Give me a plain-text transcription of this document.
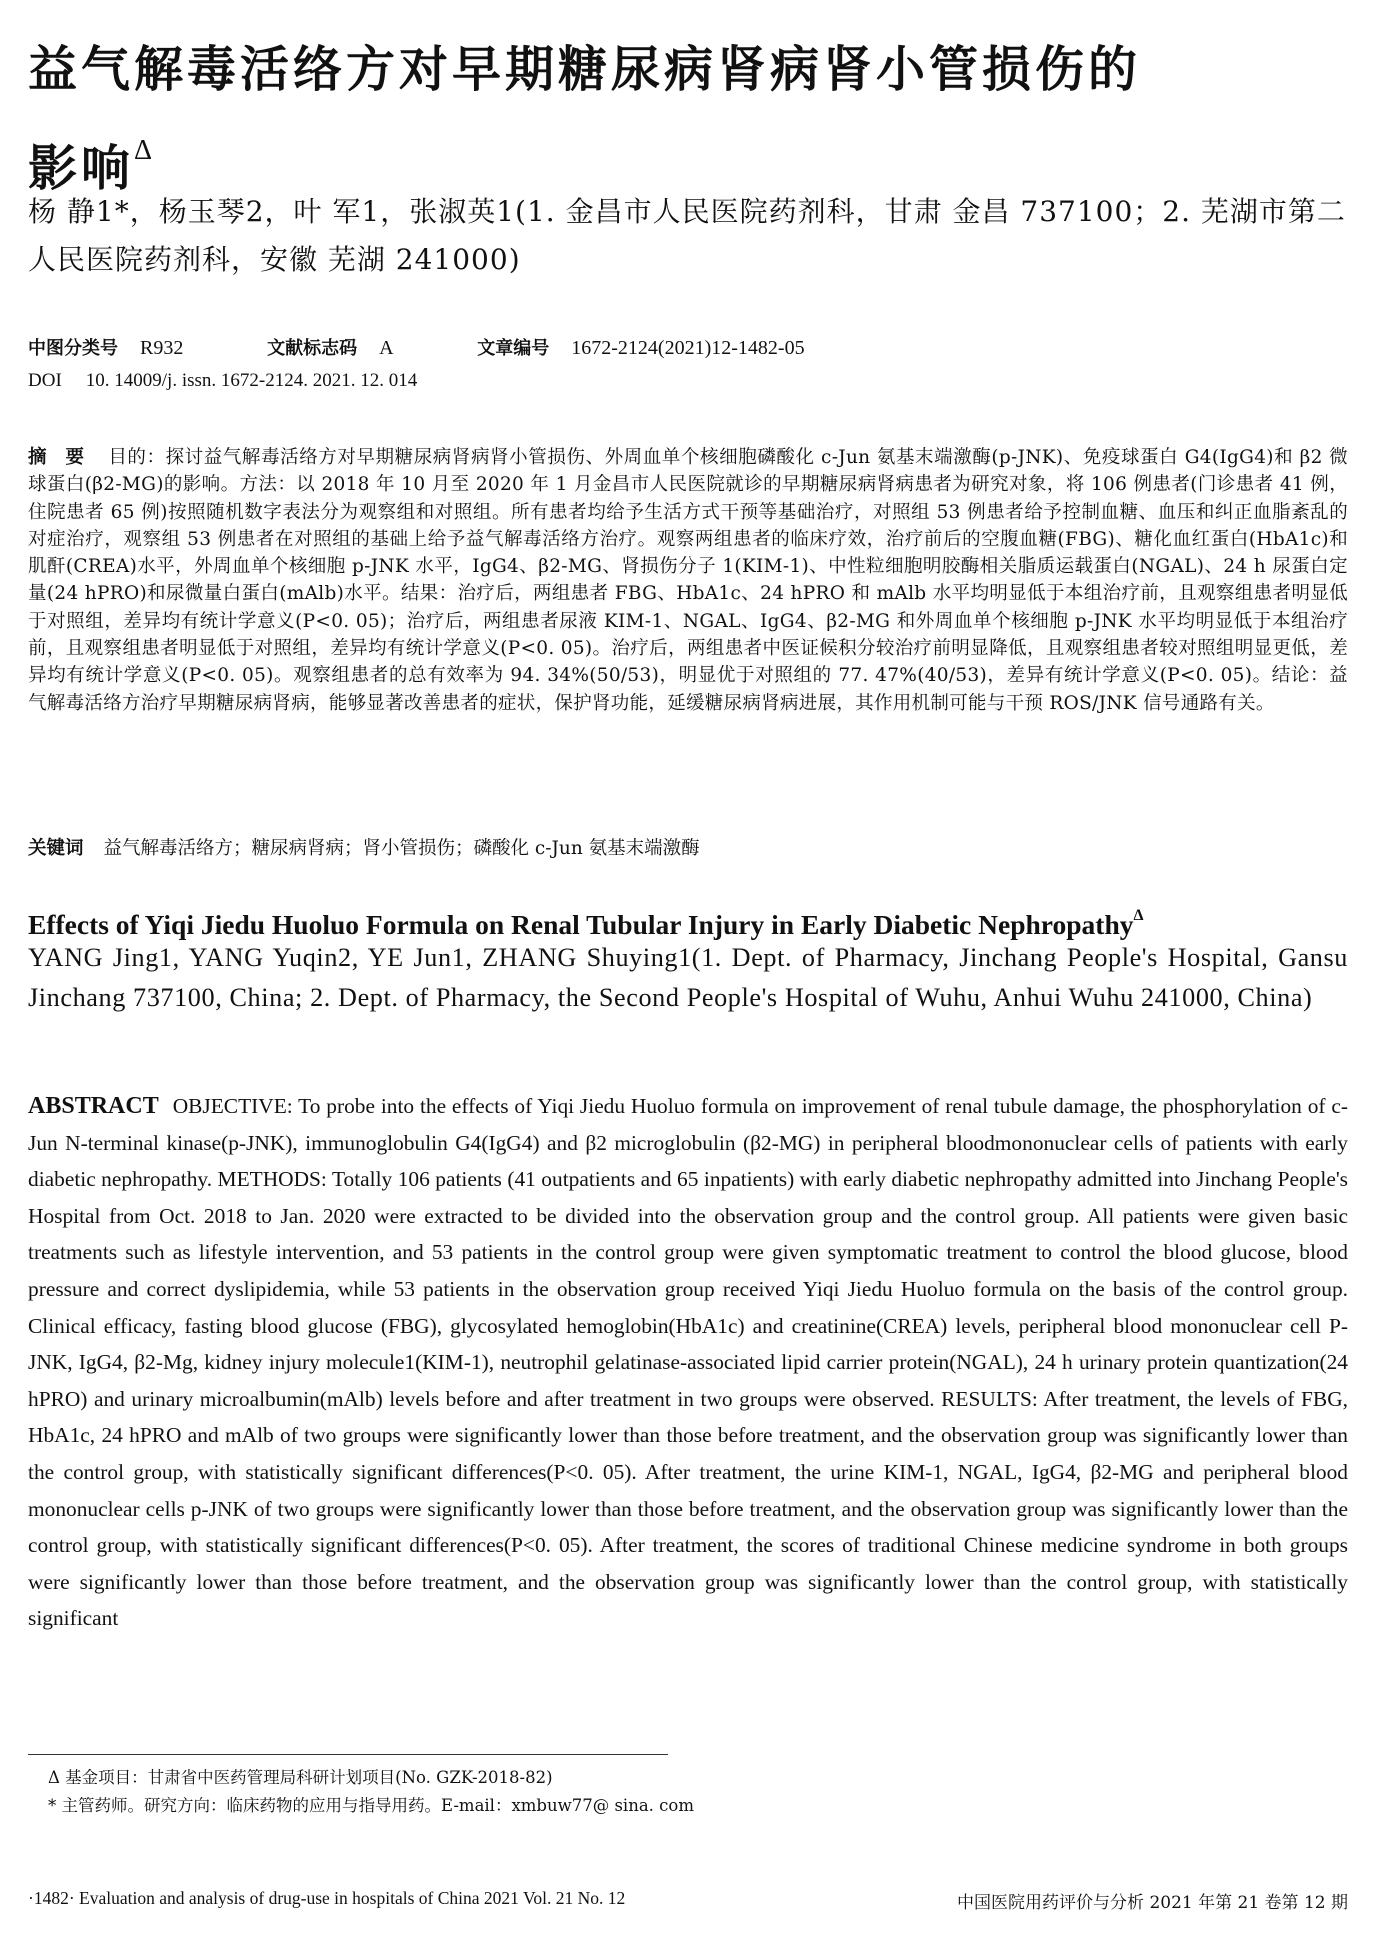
益气解毒活络方对早期糖尿病肾病肾小管损伤的
影响$^\Delta$
杨 静1*，杨玉琴2，叶 军1，张淑英1(1. 金昌市人民医院药剂科，甘肃 金昌 737100；2. 芜湖市第二人民医院药剂科，安徽 芜湖 241000)
中图分类号 R932	文献标志码 A	文章编号 1672-2124(2021)12-1482-05
DOI 10. 14009/j. issn. 1672-2124. 2021. 12. 014
摘 要 目的：探讨益气解毒活络方对早期糖尿病肾病肾小管损伤、外周血单个核细胞磷酸化 c-Jun 氨基末端激酶(p-JNK)、免疫球蛋白 G4(IgG4)和 β2 微球蛋白(β2-MG)的影响。方法：以 2018 年 10 月至 2020 年 1 月金昌市人民医院就诊的早期糖尿病肾病患者为研究对象，将 106 例患者(门诊患者 41 例，住院患者 65 例)按照随机数字表法分为观察组和对照组。所有患者均给予生活方式干预等基础治疗，对照组 53 例患者给予控制血糖、血压和纠正血脂紊乱的对症治疗，观察组 53 例患者在对照组的基础上给予益气解毒活络方治疗。观察两组患者的临床疗效，治疗前后的空腹血糖(FBG)、糖化血红蛋白(HbA1c)和肌酐(CREA)水平，外周血单个核细胞 p-JNK 水平，IgG4、β2-MG、肾损伤分子 1(KIM-1)、中性粒细胞明胶酶相关脂质运载蛋白(NGAL)、24 h 尿蛋白定量(24 hPRO)和尿微量白蛋白(mAlb)水平。结果：治疗后，两组患者 FBG、HbA1c、24 hPRO 和 mAlb 水平均明显低于本组治疗前，且观察组患者明显低于对照组，差异均有统计学意义(P<0. 05)；治疗后，两组患者尿液 KIM-1、NGAL、IgG4、β2-MG 和外周血单个核细胞 p-JNK 水平均明显低于本组治疗前，且观察组患者明显低于对照组，差异均有统计学意义(P<0. 05)。治疗后，两组患者中医证候积分较治疗前明显降低，且观察组患者较对照组明显更低，差异均有统计学意义(P<0. 05)。观察组患者的总有效率为 94. 34%(50/53)，明显优于对照组的 77. 47%(40/53)，差异有统计学意义(P<0. 05)。结论：益气解毒活络方治疗早期糖尿病肾病，能够显著改善患者的症状，保护肾功能，延缓糖尿病肾病进展，其作用机制可能与干预 ROS/JNK 信号通路有关。
关键词 益气解毒活络方；糖尿病肾病；肾小管损伤；磷酸化 c-Jun 氨基末端激酶
Effects of Yiqi Jiedu Huoluo Formula on Renal Tubular Injury in Early Diabetic Nephropathy$^\Delta$
YANG Jing1, YANG Yuqin2, YE Jun1, ZHANG Shuying1(1. Dept. of Pharmacy, Jinchang People's Hospital, Gansu Jinchang 737100, China; 2. Dept. of Pharmacy, the Second People's Hospital of Wuhu, Anhui Wuhu 241000, China)
ABSTRACT OBJECTIVE: To probe into the effects of Yiqi Jiedu Huoluo formula on improvement of renal tubule damage, the phosphorylation of c-Jun N-terminal kinase(p-JNK), immunoglobulin G4(IgG4) and β2 microglobulin (β2-MG) in peripheral bloodmononuclear cells of patients with early diabetic nephropathy. METHODS: Totally 106 patients (41 outpatients and 65 inpatients) with early diabetic nephropathy admitted into Jinchang People's Hospital from Oct. 2018 to Jan. 2020 were extracted to be divided into the observation group and the control group. All patients were given basic treatments such as lifestyle intervention, and 53 patients in the control group were given symptomatic treatment to control the blood glucose, blood pressure and correct dyslipidemia, while 53 patients in the observation group received Yiqi Jiedu Huoluo formula on the basis of the control group. Clinical efficacy, fasting blood glucose (FBG), glycosylated hemoglobin(HbA1c) and creatinine(CREA) levels, peripheral blood mononuclear cell P-JNK, IgG4, β2-Mg, kidney injury molecule1(KIM-1), neutrophil gelatinase-associated lipid carrier protein(NGAL), 24 h urinary protein quantization(24 hPRO) and urinary microalbumin(mAlb) levels before and after treatment in two groups were observed. RESULTS: After treatment, the levels of FBG, HbA1c, 24 hPRO and mAlb of two groups were significantly lower than those before treatment, and the observation group was significantly lower than the control group, with statistically significant differences(P<0. 05). After treatment, the urine KIM-1, NGAL, IgG4, β2-MG and peripheral blood mononuclear cells p-JNK of two groups were significantly lower than those before treatment, and the observation group was significantly lower than the control group, with statistically significant differences(P<0. 05). After treatment, the scores of traditional Chinese medicine syndrome in both groups were significantly lower than those before treatment, and the observation group was significantly lower than the control group, with statistically significant
Δ 基金项目：甘肃省中医药管理局科研计划项目(No. GZK-2018-82)
* 主管药师。研究方向：临床药物的应用与指导用药。E-mail：xmbuw77@ sina. com
·1482· Evaluation and analysis of drug-use in hospitals of China 2021 Vol. 21 No. 12	中国医院用药评价与分析 2021 年第 21 卷第 12 期
